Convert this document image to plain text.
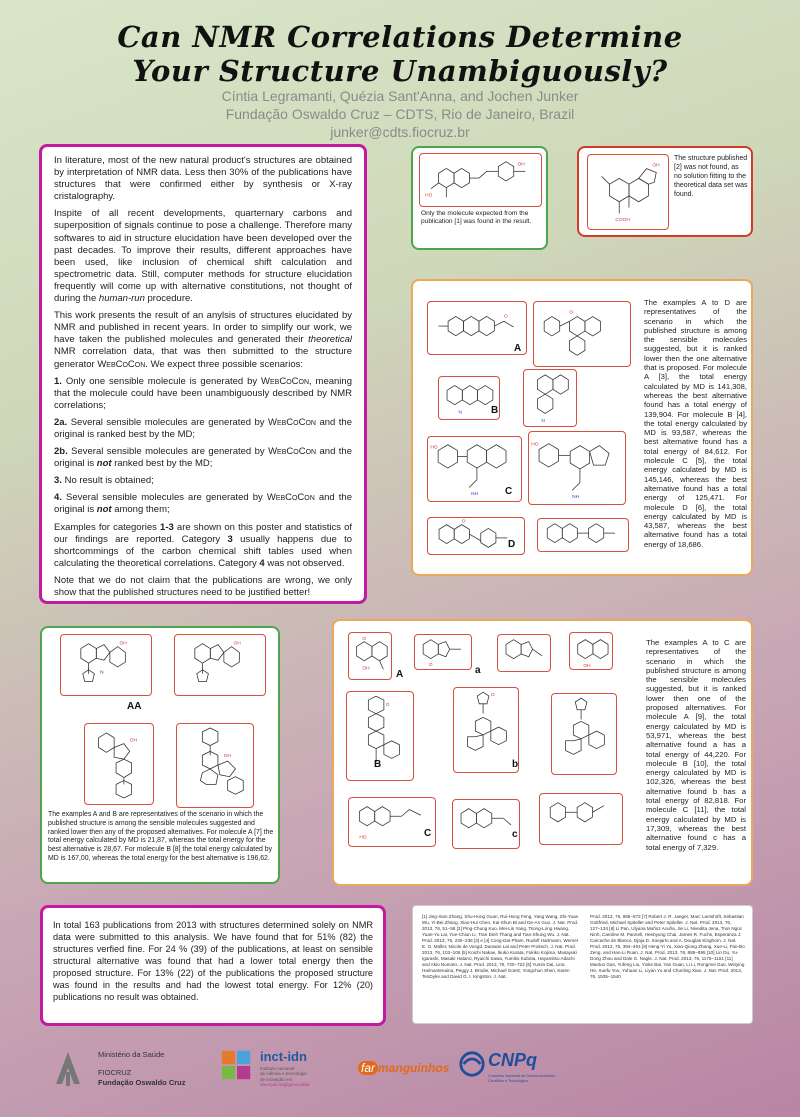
Can NMR Correlations Determine
Your Structure Unambiguously?
Cíntia Legramanti, Quézia Sant'Anna, and Jochen Junker
Fundação Oswaldo Cruz – CDTS, Rio de Janeiro, Brazil
junker@cdts.fiocruz.br

In literature, most of the new natural product's structures are obtained by interpretation of NMR data. Less then 30% of the publications have structures that were confirmed either by synthesis or X-ray cristalography.

Inspite of all recent developments, quarternary carbons and superposition of signals continue to pose a challenge. Therefore many softwares to aid in structure elucidation have been developed over the past decades. To improve their results, different approaches have been used, like inclusion of chemical shift calculation and spectrometric data. Still, computer methods for structure elucidation frequently will come up with alternative constitutions, not thought of during the human-run procedure.

This work presents the result of an anylsis of structures elucidated by NMR and published in recent years. In order to simplify our work, we have taken the published molecules and generated their theoretical NMR correlation data, that was then submitted to the structure generator WebCoCon. We expect three possible scenarios:

1. Only one sensible molecule is generated by WebCoCon, meaning that the molecule could have been unambiguously described by NMR correlations;

2a. Several sensible molecules are generated by WebCoCon and the original is ranked best by the MD;

2b. Several sensible molecules are generated by WebCoCon and the original is not ranked best by the MD;

3. No result is obtained;

4. Several sensible molecules are generated by WebCoCon and the original is not among them;

Examples for categories 1-3 are shown on this poster and statistics of our findings are reported. Category 3 usually happens due to shortcommings of the carbon chemical shift tables used when calculating the theoretical correlations. Category 4 was not observed.

Note that we do not claim that the publications are wrong, we only show that the published structures need to be justified better!

OH
HO
Only the molecule expected from the publication [1] was found in the result.	COOH
OH
The structure published [2] was not found, as no solution fitting to the theoretical data set was found.
O
A
O
N	B
N
HO
NH	C
HO
NH
O
D
The examples A to D are representatives of the scenario in which the published structure is among the sensible molecules suggested, but it is ranked lower then the one alternative that is proposed. For molecule A [3], the total energy calculated by MD is 141,308, whereas the best alternative found has a total energy of 139,904. For molecule B [4], the total energy calculated by MD is 93,587, whereas the best alternative found has a total energy of 84,612. For molecule C [5], the total energy calculated by MD is 145,146, whereas the best alternative found has a total energy of 125,471. For molecule D [6], the total energy calculated by MD is 43,587, whereas the best alternative found has a total energy of 18,686.
OH
N
OH
AA
OH
OH
The examples A and B are representatives of the scenario in which the published structure is among the sensible molecules suggested and ranked lower then any of the proposed alternatives. For molecule A [7] the total energy calculated by MD is 21,87, whereas the total energy for the best alternative is 28,67. For molecule B [8] the total energy calculated by MD is 167,00, whereas the total energy for the best alternative is 196,62.
O
OH
A
O	a	OH
O
B
O
b
HO	C	c
The examples A to C are representatives of the scenario in which the published structure is among the sensible molecules suggested, but it is ranked lower then one of the proposed alternatives. For molecule A [9], the total energy calculated by MD is 53,971, whereas the best alternative found a has a total energy of 44,220. For molecule B [10], the total energy calculated by MD is 102,326, whereas the best alternative found b has a total energy of 82,818. For molecule C [11], the total energy calculated by MD is 17,309, whereas the best alternative found c has a total energy of 7,329.
In total 163 publications from 2013 with structures determined solely on NMR data were submitted to this analysis. We have found that for 51% (82) the structures verfied fine. For 24 % (39) of the publications, at least on sensible structural alternative was found that had a lower total energy then the proposed structure. For 13% (22) of the publications the proposed structure was found in the results and had the lowest total energy. For 12% (20) publications no result was obtained.
[1] Jing-Xian Zhang, Shu-Hong Guan, Rui-Hong Feng, Yang Wang, Zhi-Yuan Wu, Yi-Bei Zhang, Xiao-Hui Chen, Kai-Shun Bi and De-An Guo. J. Nat. Prod. 2013, 76, 51−58 [2] Ping-Chung Kuo, Mei-Lin Yang, Tsong-Long Hwang, Yuan-Yu Lai, Yue-Chiun Li, Tran Dinh Thang and Tian-Shung Wu. J. Nat. Prod. 2013, 76, 230−236 [3] e [4] Cong-Dat Pham, Rudolf Hartmann, Werner E. G. Müller, Nicole de Voogd, Daowan Lai and Peter Proksch. J. Nat. Prod. 2013, 76, 103−106 [5] Koichi Nakae, Ikuko Kurata, Fukiko Kojima, Masayuki Igarashi, Masaki Hatano, Ryuichi Sawa, Yumiko Kubota, Hayamitsu Adachi and Akio Nomoto. J. Nat. Prod. 2013, 76, 720−722 [6] Yumin Dai, Lina Harinantenaina, Peggy J. Brodie, Michael Goetz, Yongchun Shen, Karen TenDyke and David G. I. Kingston. J. Nat.
Prod. 2013, 76, 865−872 [7] Robert J. R. Jaeger, Marc Lamshöft, Sebastian Gottfried, Michael Spiteller and Peter Spiteller. J. Nat. Prod. 2013, 76, 127−134 [8] Li Pan, Ulyana Muñoz Acuña, Jie Li, Nivedita Jena, Tran Ngoc Ninh, Caroline M. Pannell, Heebyung Chai, James R. Fuchs, Esperanza J. Carcache de Blanco, Djaja D. Soejarto and A. Douglas Kinghorn. J. Nat. Prod. 2013, 76, 394−404 [9] Heng-Yi Yu, Xiao-Qiong Zhang, Xue-Li, Fan-Bo Zeng, and Han-Li Ruan. J. Nat. Prod. 2013, 76, 889−895 [10] Lin Du, Yu-Dong Zhou and Dale G. Nagle. J. Nat. Prod. 2013, 76, 1175−1181 [11] Maoluo Gan, Yufeng Liu, Yinke Bai, Yan Guan, Li Li, Rongmei Gao, Weiying He, Xuefu You, Yuhuan Li, Liyan Yu and Chunling Xiao. J. Nat. Prod. 2013, 76, 1535−1540
Ministério da Saúde
FIOCRUZ
Fundação Oswaldo Cruz
inct-idn
Instituto nacional
de ciência e tecnologia
de inovação em
doenças negligenciadas
far manguinhos CNPq
Conselho Nacional de Desenvolvimento
Científico e Tecnológico
